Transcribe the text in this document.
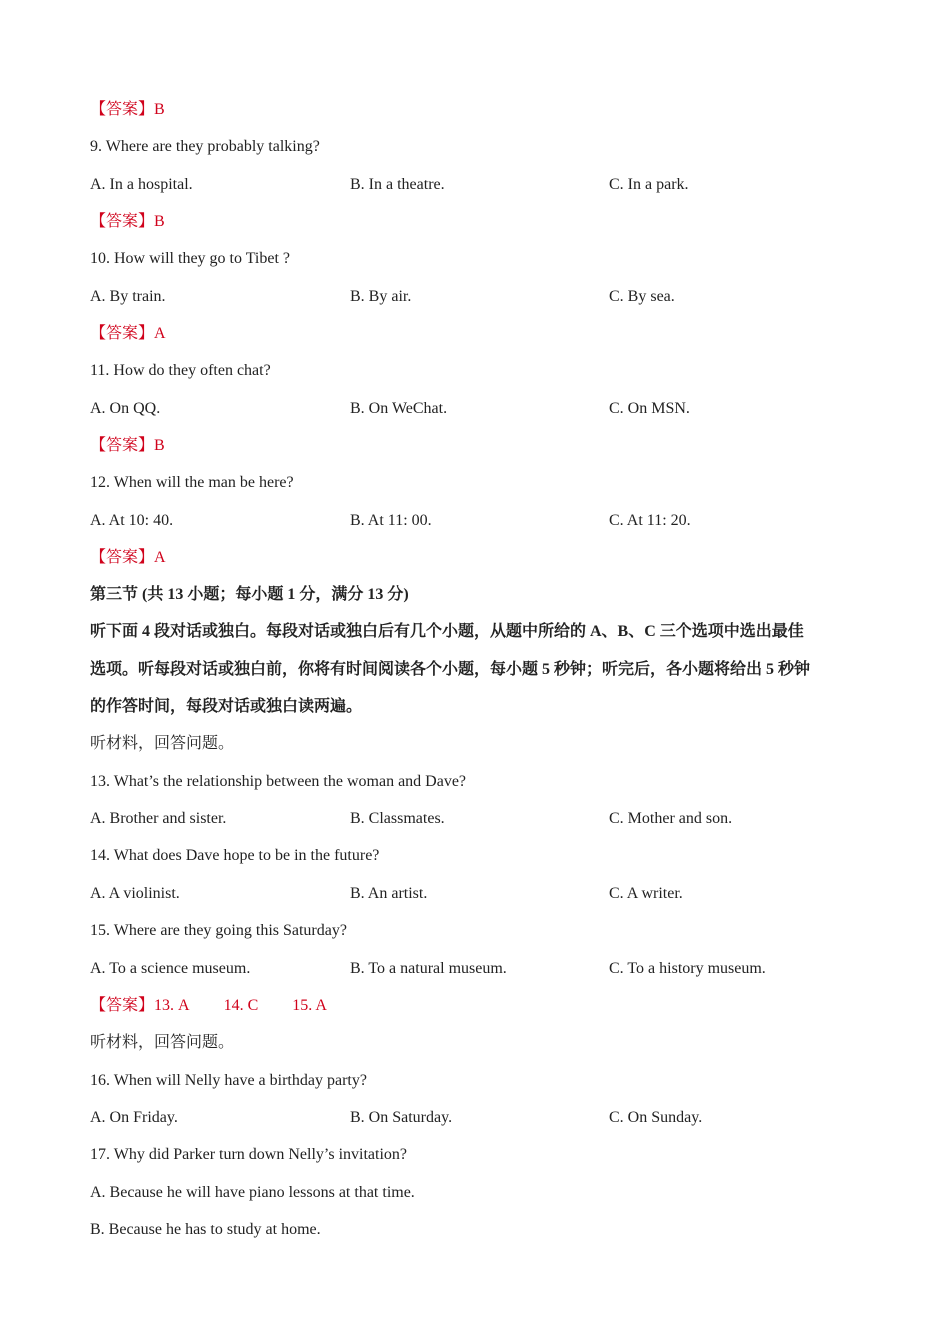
【答案】B
9. Where are they probably talking?
A. In a hospital.	B. In a theatre.	C. In a park.
【答案】B
10. How will they go to Tibet ?
A. By train.	B. By air.	C. By sea.
【答案】A
11. How do they often chat?
A. On QQ.	B. On WeChat.	C. On MSN.
【答案】B
12. When will the man be here?
A. At 10: 40.	B. At 11: 00.	C. At 11: 20.
【答案】A
第三节 (共 13 小题；每小题 1 分，满分 13 分)
听下面 4 段对话或独白。每段对话或独白后有几个小题，从题中所给的 A、B、C 三个选项中选出最佳
选项。听每段对话或独白前，你将有时间阅读各个小题，每小题 5 秒钟；听完后，各小题将给出 5 秒钟
的作答时间，每段对话或独白读两遍。
听材料，回答问题。
13. What’s the relationship between the woman and Dave?
A. Brother and sister.	B. Classmates.	C. Mother and son.
14. What does Dave hope to be in the future?
A. A violinist.	B. An artist.	C. A writer.
15. Where are they going this Saturday?
A. To a science museum.	B. To a natural museum.	C. To a history museum.
【答案】13. A 14. C 15. A
听材料，回答问题。
16. When will Nelly have a birthday party?
A. On Friday.	B. On Saturday.	C. On Sunday.
17. Why did Parker turn down Nelly’s invitation?
A. Because he will have piano lessons at that time.
B. Because he has to study at home.
